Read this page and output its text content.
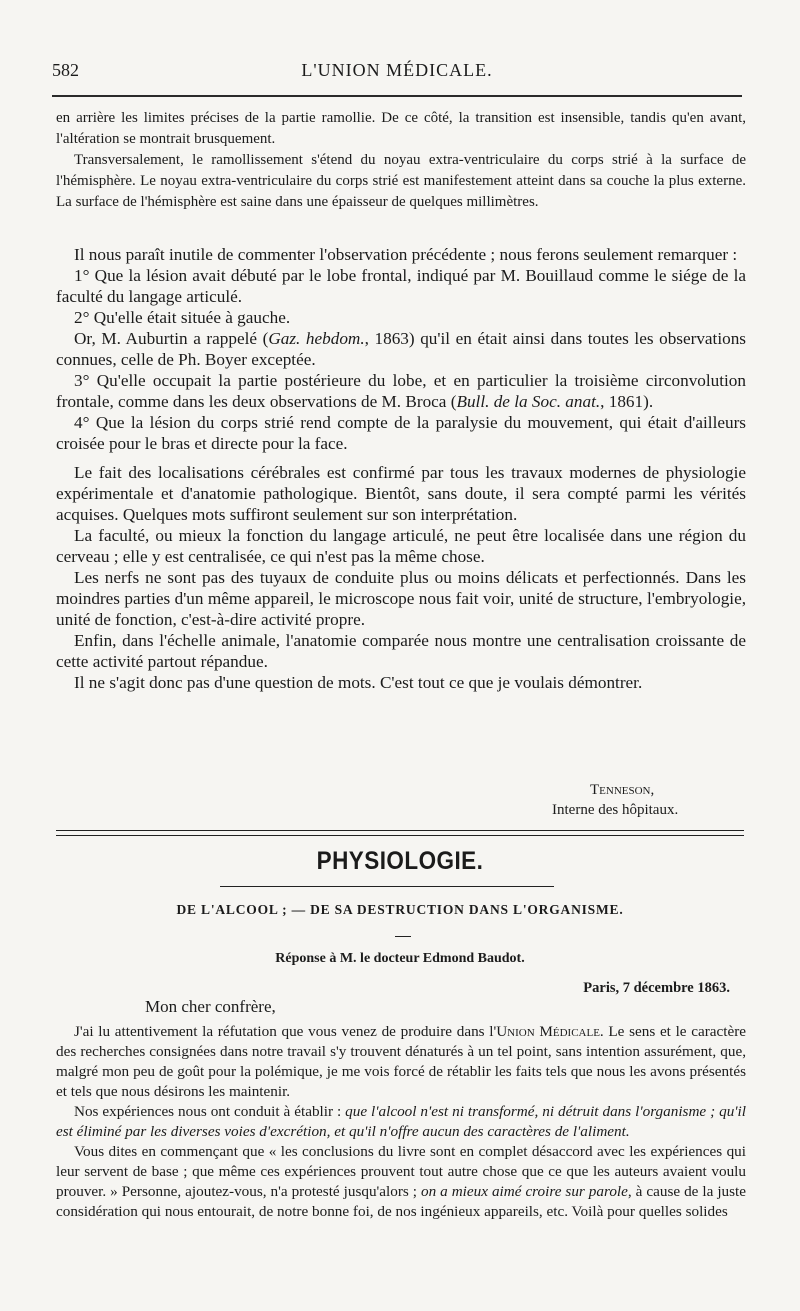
582	L'UNION MÉDICALE.

en arrière les limites précises de la partie ramollie. De ce côté, la transition est insensible, tandis qu'en avant, l'altération se montrait brusquement.

Transversalement, le ramollissement s'étend du noyau extra-ventriculaire du corps strié à la surface de l'hémisphère. Le noyau extra-ventriculaire du corps strié est manifestement atteint dans sa couche la plus externe. La surface de l'hémisphère est saine dans une épaisseur de quelques millimètres.

Il nous paraît inutile de commenter l'observation précédente ; nous ferons seulement remarquer :

1° Que la lésion avait débuté par le lobe frontal, indiqué par M. Bouillaud comme le siége de la faculté du langage articulé.

2° Qu'elle était située à gauche.

Or, M. Auburtin a rappelé (Gaz. hebdom., 1863) qu'il en était ainsi dans toutes les observations connues, celle de Ph. Boyer exceptée.

3° Qu'elle occupait la partie postérieure du lobe, et en particulier la troisième circonvolution frontale, comme dans les deux observations de M. Broca (Bull. de la Soc. anat., 1861).

4° Que la lésion du corps strié rend compte de la paralysie du mouvement, qui était d'ailleurs croisée pour le bras et directe pour la face.

Le fait des localisations cérébrales est confirmé par tous les travaux modernes de physiologie expérimentale et d'anatomie pathologique. Bientôt, sans doute, il sera compté parmi les vérités acquises. Quelques mots suffiront seulement sur son interprétation.

La faculté, ou mieux la fonction du langage articulé, ne peut être localisée dans une région du cerveau ; elle y est centralisée, ce qui n'est pas la même chose.

Les nerfs ne sont pas des tuyaux de conduite plus ou moins délicats et perfectionnés. Dans les moindres parties d'un même appareil, le microscope nous fait voir, unité de structure, l'embryologie, unité de fonction, c'est-à-dire activité propre.

Enfin, dans l'échelle animale, l'anatomie comparée nous montre une centralisation croissante de cette activité partout répandue.

Il ne s'agit donc pas d'une question de mots. C'est tout ce que je voulais démontrer.

Tenneson,
Interne des hôpitaux.
PHYSIOLOGIE.
DE L'ALCOOL ; — DE SA DESTRUCTION DANS L'ORGANISME.
Réponse à M. le docteur Edmond Baudot.
Paris, 7 décembre 1863.
Mon cher confrère,

J'ai lu attentivement la réfutation que vous venez de produire dans l'Union Médicale. Le sens et le caractère des recherches consignées dans notre travail s'y trouvent dénaturés à un tel point, sans intention assurément, que, malgré mon peu de goût pour la polémique, je me vois forcé de rétablir les faits tels que nous les avons présentés et tels que nous désirons les maintenir.

Nos expériences nous ont conduit à établir : que l'alcool n'est ni transformé, ni détruit dans l'organisme ; qu'il est éliminé par les diverses voies d'excrétion, et qu'il n'offre aucun des caractères de l'aliment.

Vous dites en commençant que « les conclusions du livre sont en complet désaccord avec les expériences qui leur servent de base ; que même ces expériences prouvent tout autre chose que ce que les auteurs avaient voulu prouver. » Personne, ajoutez-vous, n'a protesté jusqu'alors ; on a mieux aimé croire sur parole, à cause de la juste considération qui nous entourait, de notre bonne foi, de nos ingénieux appareils, etc. Voilà pour quelles solides
